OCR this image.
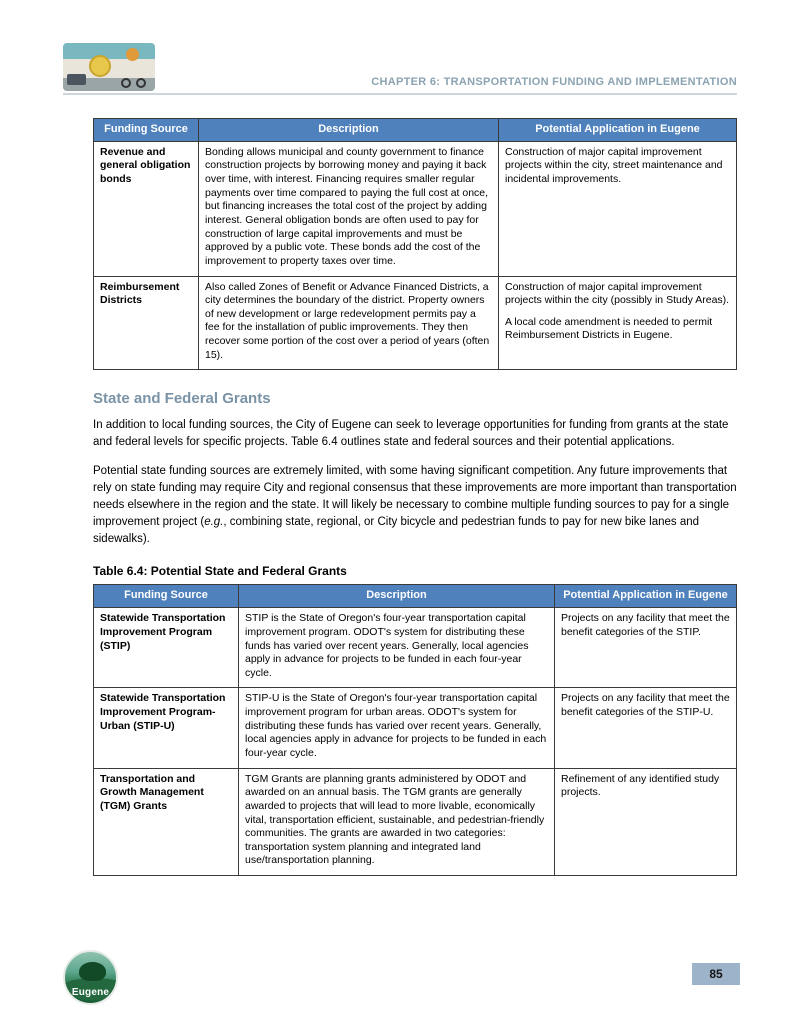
CHAPTER 6: TRANSPORTATION FUNDING AND IMPLEMENTATION
Funding Source	Description	Potential Application in Eugene
Revenue and general obligation bonds	Bonding allows municipal and county government to finance construction projects by borrowing money and paying it back over time, with interest. Financing requires smaller regular payments over time compared to paying the full cost at once, but financing increases the total cost of the project by adding interest. General obligation bonds are often used to pay for construction of large capital improvements and must be approved by a public vote. These bonds add the cost of the improvement to property taxes over time.	Construction of major capital improvement projects within the city, street maintenance and incidental improvements.
Reimbursement Districts	Also called Zones of Benefit or Advance Financed Districts, a city determines the boundary of the district. Property owners of new development or large redevelopment permits pay a fee for the installation of public improvements. They then recover some portion of the cost over a period of years (often 15).	Construction of major capital improvement projects within the city (possibly in Study Areas).
A local code amendment is needed to permit Reimbursement Districts in Eugene.
State and Federal Grants

In addition to local funding sources, the City of Eugene can seek to leverage opportunities for funding from grants at the state and federal levels for specific projects. Table 6.4 outlines state and federal sources and their potential applications.

Potential state funding sources are extremely limited, with some having significant competition. Any future improvements that rely on state funding may require City and regional consensus that these improvements are more important than transportation needs elsewhere in the region and the state. It will likely be necessary to combine multiple funding sources to pay for a single improvement project (e.g., combining state, regional, or City bicycle and pedestrian funds to pay for new bike lanes and sidewalks).

Table 6.4: Potential State and Federal Grants
Funding Source	Description	Potential Application in Eugene
Statewide Transportation Improvement Program (STIP)	STIP is the State of Oregon's four-year transportation capital improvement program. ODOT's system for distributing these funds has varied over recent years. Generally, local agencies apply in advance for projects to be funded in each four-year cycle.	Projects on any facility that meet the benefit categories of the STIP.
Statewide Transportation Improvement Program-Urban (STIP-U)	STIP-U is the State of Oregon's four-year transportation capital improvement program for urban areas. ODOT's system for distributing these funds has varied over recent years. Generally, local agencies apply in advance for projects to be funded in each four-year cycle.	Projects on any facility that meet the benefit categories of the STIP-U.
Transportation and Growth Management (TGM) Grants	TGM Grants are planning grants administered by ODOT and awarded on an annual basis. The TGM grants are generally awarded to projects that will lead to more livable, economically vital, transportation efficient, sustainable, and pedestrian-friendly communities. The grants are awarded in two categories: transportation system planning and integrated land use/transportation planning.	Refinement of any identified study projects.
Eugene
85
